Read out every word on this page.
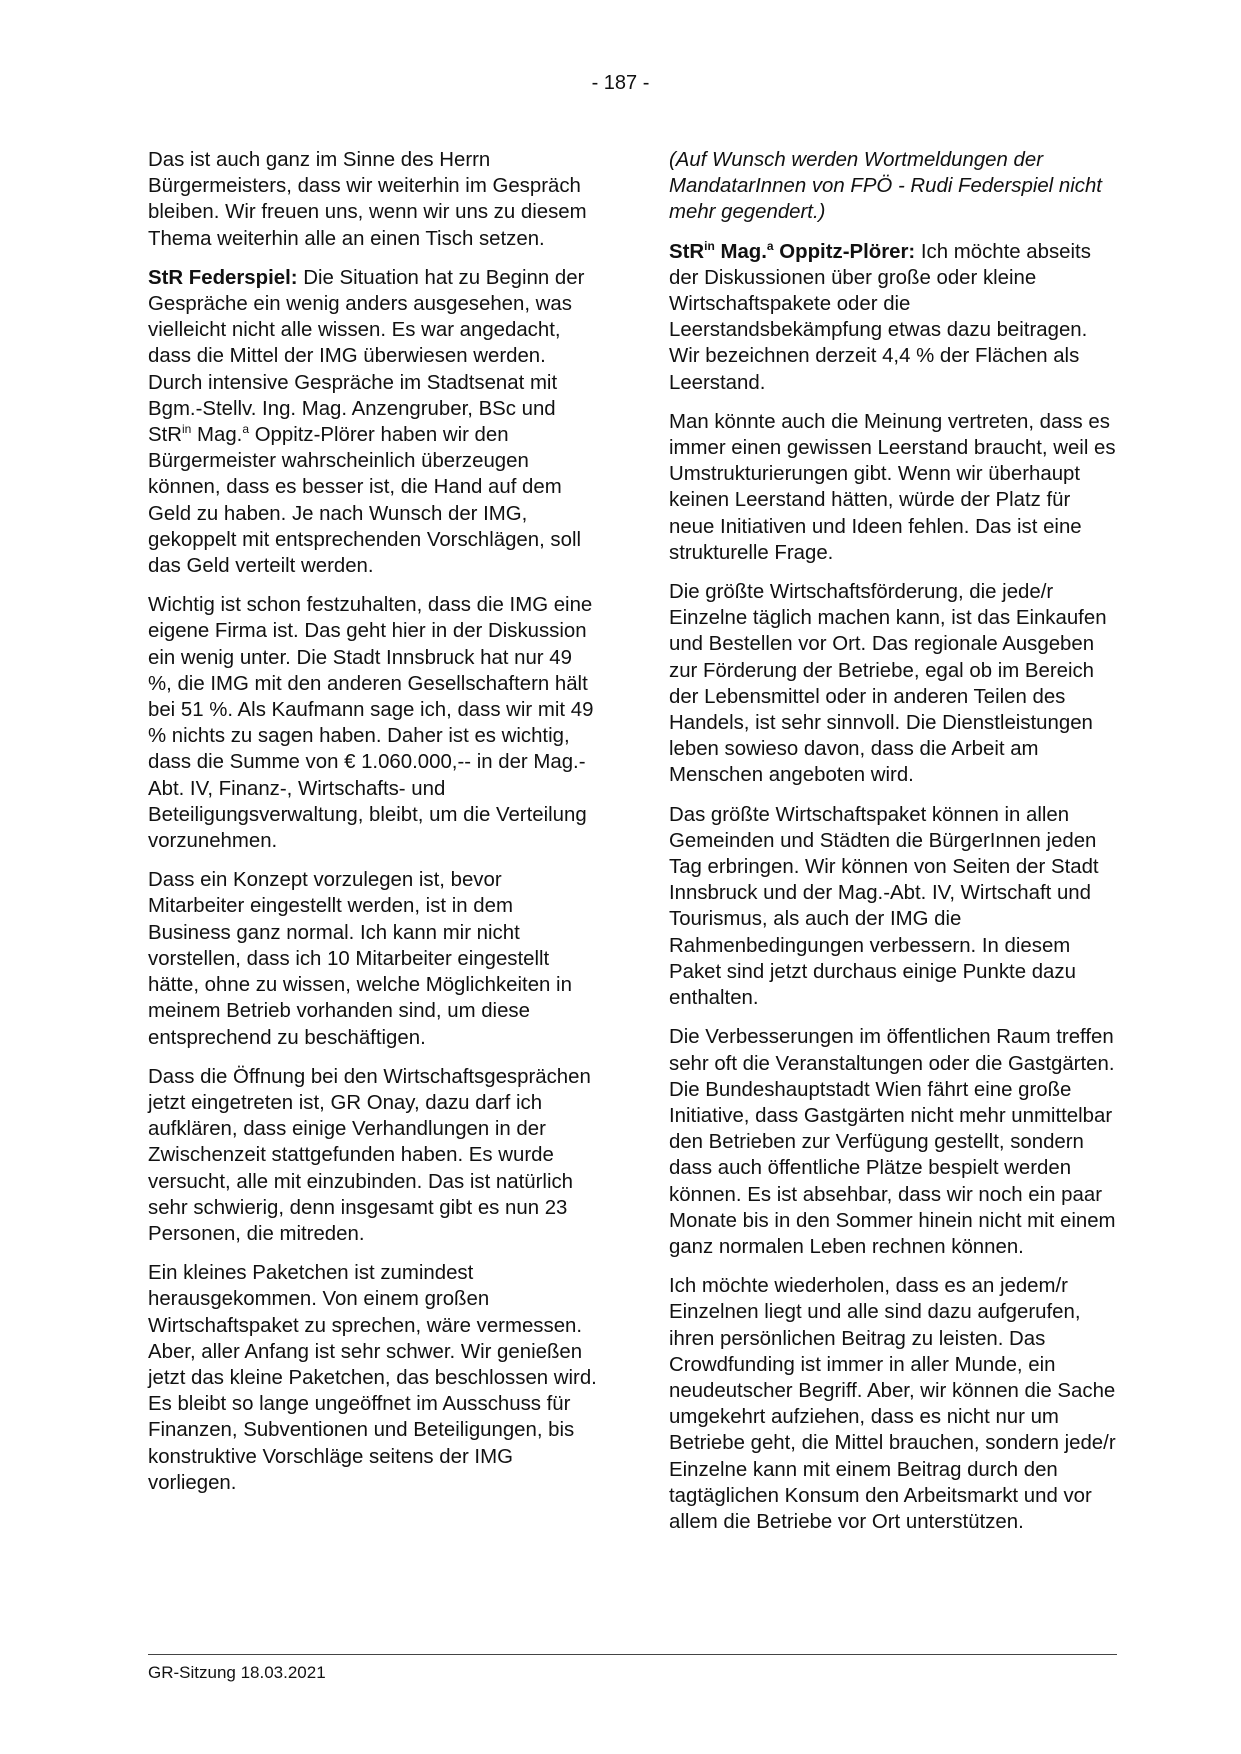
- 187 -

Das ist auch ganz im Sinne des Herrn Bürgermeisters, dass wir weiterhin im Gespräch bleiben. Wir freuen uns, wenn wir uns zu diesem Thema weiterhin alle an einen Tisch setzen.

StR Federspiel: Die Situation hat zu Beginn der Gespräche ein wenig anders ausgesehen, was vielleicht nicht alle wissen. Es war angedacht, dass die Mittel der IMG überwiesen werden. Durch intensive Gespräche im Stadtsenat mit Bgm.-Stellv. Ing. Mag. Anzengruber, BSc und StR$^{in}$ Mag.$^a$ Oppitz-Plörer haben wir den Bürgermeister wahrscheinlich überzeugen können, dass es besser ist, die Hand auf dem Geld zu haben. Je nach Wunsch der IMG, gekoppelt mit entsprechenden Vorschlägen, soll das Geld verteilt werden.

Wichtig ist schon festzuhalten, dass die IMG eine eigene Firma ist. Das geht hier in der Diskussion ein wenig unter. Die Stadt Innsbruck hat nur 49 %, die IMG mit den anderen Gesellschaftern hält bei 51 %. Als Kaufmann sage ich, dass wir mit 49 % nichts zu sagen haben. Daher ist es wichtig, dass die Summe von € 1.060.000,-- in der Mag.-Abt. IV, Finanz-, Wirtschafts- und Beteiligungsverwaltung, bleibt, um die Verteilung vorzunehmen.

Dass ein Konzept vorzulegen ist, bevor Mitarbeiter eingestellt werden, ist in dem Business ganz normal. Ich kann mir nicht vorstellen, dass ich 10 Mitarbeiter eingestellt hätte, ohne zu wissen, welche Möglichkeiten in meinem Betrieb vorhanden sind, um diese entsprechend zu beschäftigen.

Dass die Öffnung bei den Wirtschaftsgesprächen jetzt eingetreten ist, GR Onay, dazu darf ich aufklären, dass einige Verhandlungen in der Zwischenzeit stattgefunden haben. Es wurde versucht, alle mit einzubinden. Das ist natürlich sehr schwierig, denn insgesamt gibt es nun 23 Personen, die mitreden.

Ein kleines Paketchen ist zumindest herausgekommen. Von einem großen Wirtschaftspaket zu sprechen, wäre vermessen. Aber, aller Anfang ist sehr schwer. Wir genießen jetzt das kleine Paketchen, das beschlossen wird. Es bleibt so lange ungeöffnet im Ausschuss für Finanzen, Subventionen und Beteiligungen, bis konstruktive Vorschläge seitens der IMG vorliegen.

(Auf Wunsch werden Wortmeldungen der MandatarInnen von FPÖ - Rudi Federspiel nicht mehr gegendert.)

StR$^{in}$ Mag.$^a$ Oppitz-Plörer: Ich möchte abseits der Diskussionen über große oder kleine Wirtschaftspakete oder die Leerstandsbekämpfung etwas dazu beitragen. Wir bezeichnen derzeit 4,4 % der Flächen als Leerstand.

Man könnte auch die Meinung vertreten, dass es immer einen gewissen Leerstand braucht, weil es Umstrukturierungen gibt. Wenn wir überhaupt keinen Leerstand hätten, würde der Platz für neue Initiativen und Ideen fehlen. Das ist eine strukturelle Frage.

Die größte Wirtschaftsförderung, die jede/r Einzelne täglich machen kann, ist das Einkaufen und Bestellen vor Ort. Das regionale Ausgeben zur Förderung der Betriebe, egal ob im Bereich der Lebensmittel oder in anderen Teilen des Handels, ist sehr sinnvoll. Die Dienstleistungen leben sowieso davon, dass die Arbeit am Menschen angeboten wird.

Das größte Wirtschaftspaket können in allen Gemeinden und Städten die BürgerInnen jeden Tag erbringen. Wir können von Seiten der Stadt Innsbruck und der Mag.-Abt. IV, Wirtschaft und Tourismus, als auch der IMG die Rahmenbedingungen verbessern. In diesem Paket sind jetzt durchaus einige Punkte dazu enthalten.

Die Verbesserungen im öffentlichen Raum treffen sehr oft die Veranstaltungen oder die Gastgärten. Die Bundeshauptstadt Wien fährt eine große Initiative, dass Gastgärten nicht mehr unmittelbar den Betrieben zur Verfügung gestellt, sondern dass auch öffentliche Plätze bespielt werden können. Es ist absehbar, dass wir noch ein paar Monate bis in den Sommer hinein nicht mit einem ganz normalen Leben rechnen können.

Ich möchte wiederholen, dass es an jedem/r Einzelnen liegt und alle sind dazu aufgerufen, ihren persönlichen Beitrag zu leisten. Das Crowdfunding ist immer in aller Munde, ein neudeutscher Begriff. Aber, wir können die Sache umgekehrt aufziehen, dass es nicht nur um Betriebe geht, die Mittel brauchen, sondern jede/r Einzelne kann mit einem Beitrag durch den tagtäglichen Konsum den Arbeitsmarkt und vor allem die Betriebe vor Ort unterstützen.

GR-Sitzung 18.03.2021
